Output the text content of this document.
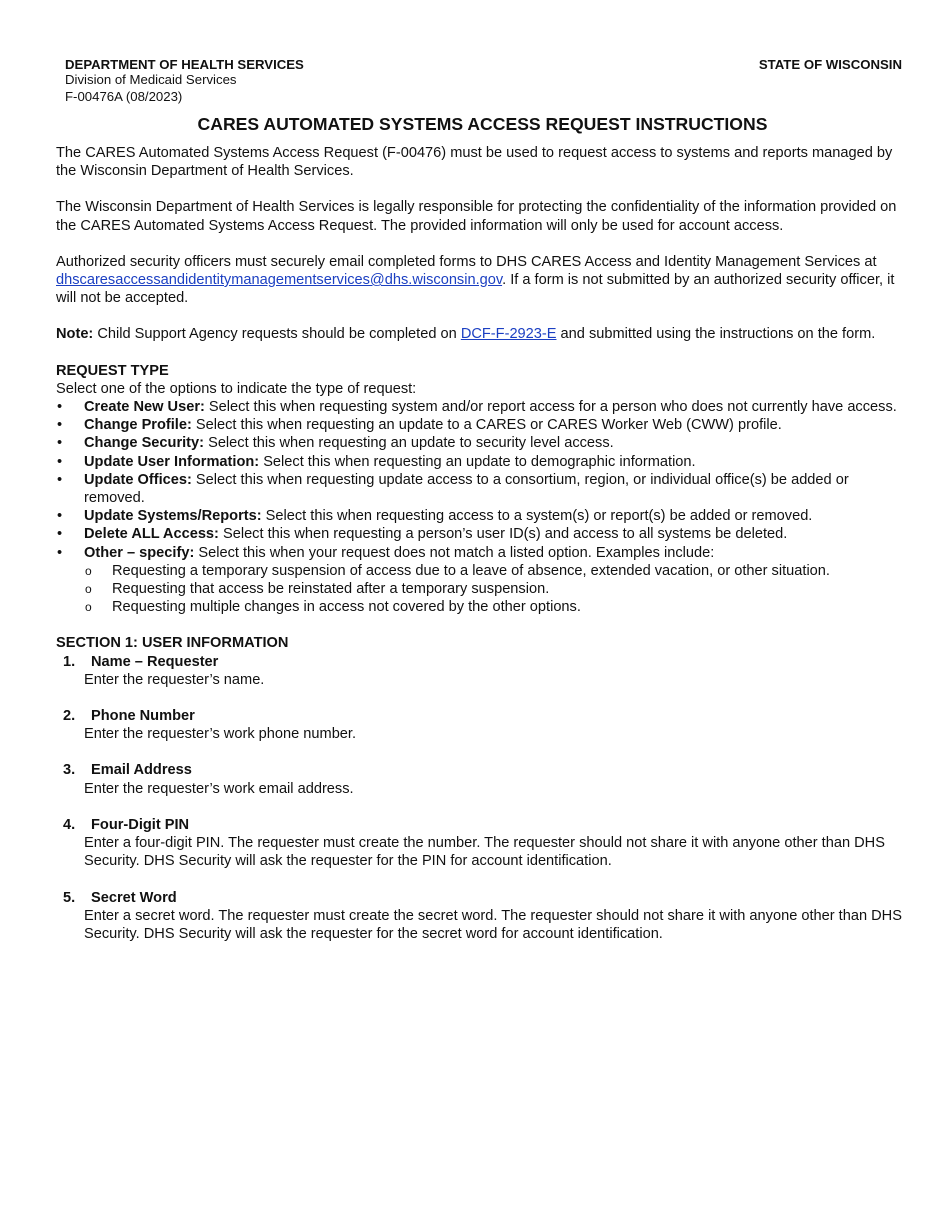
DEPARTMENT OF HEALTH SERVICES
Division of Medicaid Services
F-00476A (08/2023)
STATE OF WISCONSIN
CARES AUTOMATED SYSTEMS ACCESS REQUEST INSTRUCTIONS

The CARES Automated Systems Access Request (F-00476) must be used to request access to systems and reports managed by the Wisconsin Department of Health Services.

The Wisconsin Department of Health Services is legally responsible for protecting the confidentiality of the information provided on the CARES Automated Systems Access Request. The provided information will only be used for account access.

Authorized security officers must securely email completed forms to DHS CARES Access and Identity Management Services at dhscaresaccessandidentitymanagementservices@dhs.wisconsin.gov. If a form is not submitted by an authorized security officer, it will not be accepted.

Note: Child Support Agency requests should be completed on DCF-F-2923-E and submitted using the instructions on the form.

REQUEST TYPE
Select one of the options to indicate the type of request:
• Create New User: Select this when requesting system and/or report access for a person who does not currently have access.
• Change Profile: Select this when requesting an update to a CARES or CARES Worker Web (CWW) profile.
• Change Security: Select this when requesting an update to security level access.
• Update User Information: Select this when requesting an update to demographic information.
• Update Offices: Select this when requesting update access to a consortium, region, or individual office(s) be added or removed.
• Update Systems/Reports: Select this when requesting access to a system(s) or report(s) be added or removed.
• Delete ALL Access: Select this when requesting a person’s user ID(s) and access to all systems be deleted.
• Other – specify: Select this when your request does not match a listed option. Examples include:
o Requesting a temporary suspension of access due to a leave of absence, extended vacation, or other situation.
o Requesting that access be reinstated after a temporary suspension.
o Requesting multiple changes in access not covered by the other options.
SECTION 1: USER INFORMATION
1. Name – Requester
Enter the requester’s name.
2. Phone Number
Enter the requester’s work phone number.
3. Email Address
Enter the requester’s work email address.
4. Four-Digit PIN
Enter a four-digit PIN. The requester must create the number. The requester should not share it with anyone other than DHS Security. DHS Security will ask the requester for the PIN for account identification.
5. Secret Word
Enter a secret word. The requester must create the secret word. The requester should not share it with anyone other than DHS Security. DHS Security will ask the requester for the secret word for account identification.
